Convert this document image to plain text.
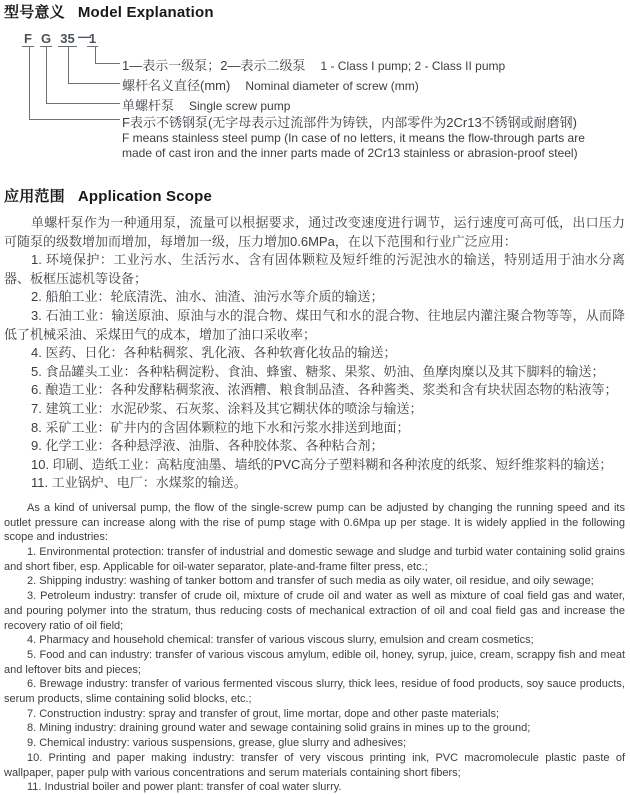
型号意义 Model Explanation
F G 35 —
1
1—表示一级泵；2—表示二级泵 1 - Class I pump; 2 - Class II pump
螺杆名义直径(mm) Nominal diameter of screw (mm)
单螺杆泵 Single screw pump
F表示不锈钢泵(无字母表示过流部件为铸铁，内部零件为2Cr13不锈钢或耐磨钢)
F means stainless steel pump (In case of no letters, it means the flow-through parts are
made of cast iron and the inner parts made of 2Cr13 stainless or abrasion-proof steel)
应用范围 Application Scope

单螺杆泵作为一种通用泵，流量可以根据要求，通过改变速度进行调节，运行速度可高可低，出口压力可随泵的级数增加而增加，每增加一级，压力增加0.6MPa，在以下范围和行业广泛应用：

1. 环境保护：工业污水、生活污水、含有固体颗粒及短纤维的污泥浊水的输送，特别适用于油水分离器、板框压滤机等设备；

2. 船舶工业：轮底清洗、油水、油渣、油污水等介质的输送；

3. 石油工业：输送原油、原油与水的混合物、煤田气和水的混合物、往地层内灌注聚合物等等，从而降低了机械采油、采煤田气的成本，增加了油口采收率；

4. 医药、日化：各种粘稠浆、乳化液、各种软膏化妆品的输送；

5. 食品罐头工业：各种粘稠淀粉、食油、蜂蜜、糖浆、果浆、奶油、鱼摩肉糜以及其下脚料的输送；

6. 酿造工业：各种发酵粘稠浆液、浓酒糟、粮食制品渣、各种酱类、浆类和含有块状固态物的粘液等；

7. 建筑工业：水泥砂浆、石灰浆、涂料及其它糊状体的喷涂与输送；

8. 采矿工业：矿井内的含固体颗粒的地下水和污浆水排送到地面；

9. 化学工业：各种悬浮液、油脂、各种胶体浆、各种粘合剂；

10. 印刷、造纸工业：高粘度油墨、墙纸的PVC高分子塑料糊和各种浓度的纸浆、短纤维浆料的输送；

11. 工业锅炉、电厂：水煤浆的输送。

As a kind of universal pump, the flow of the single-screw pump can be adjusted by changing the running speed and its outlet pressure can increase along with the rise of pump stage with 0.6Mpa up per stage. It is widely applied in the following scope and industries:

1. Environmental protection: transfer of industrial and domestic sewage and sludge and turbid water containing solid grains and short fiber, esp. Applicable for oil-water separator, plate-and-frame filter press, etc.;

2. Shipping industry: washing of tanker bottom and transfer of such media as oily water, oil residue, and oily sewage;

3. Petroleum industry: transfer of crude oil, mixture of crude oil and water as well as mixture of coal field gas and water, and pouring polymer into the stratum, thus reducing costs of mechanical extraction of oil and coal field gas and increase the recovery ratio of oil field;

4. Pharmacy and household chemical: transfer of various viscous slurry, emulsion and cream cosmetics;

5. Food and can industry: transfer of various viscous amylum, edible oil, honey, syrup, juice, cream, scrappy fish and meat and leftover bits and pieces;

6. Brewage industry: transfer of various fermented viscous slurry, thick lees, residue of food products, soy sauce products, serum products, slime containing solid blocks, etc.;

7. Construction industry: spray and transfer of grout, lime mortar, dope and other paste materials;

8. Mining industry: draining ground water and sewage containing solid grains in mines up to the ground;

9. Chemical industry: various suspensions, grease, glue slurry and adhesives;

10. Printing and paper making industry: transfer of very viscous printing ink, PVC macromolecule plastic paste of wallpaper, paper pulp with various concentrations and serum materials containing short fibers;

11. Industrial boiler and power plant: transfer of coal water slurry.
